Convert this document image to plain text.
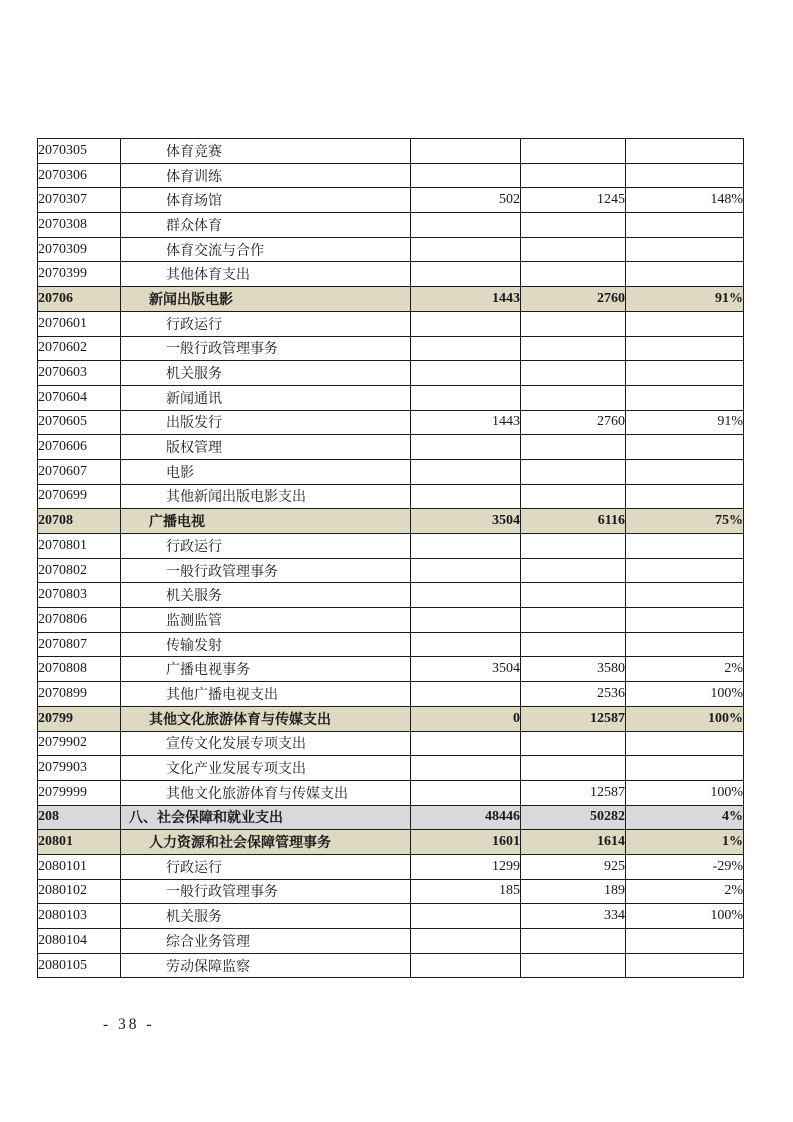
2070305	体育竞赛			
2070306	体育训练			
2070307	体育场馆	502	1245	148%
2070308	群众体育			
2070309	体育交流与合作			
2070399	其他体育支出			
20706	新闻出版电影	1443	2760	91%
2070601	行政运行			
2070602	一般行政管理事务			
2070603	机关服务			
2070604	新闻通讯			
2070605	出版发行	1443	2760	91%
2070606	版权管理			
2070607	电影			
2070699	其他新闻出版电影支出			
20708	广播电视	3504	6116	75%
2070801	行政运行			
2070802	一般行政管理事务			
2070803	机关服务			
2070806	监测监管			
2070807	传输发射			
2070808	广播电视事务	3504	3580	2%
2070899	其他广播电视支出		2536	100%
20799	其他文化旅游体育与传媒支出	0	12587	100%
2079902	宣传文化发展专项支出			
2079903	文化产业发展专项支出			
2079999	其他文化旅游体育与传媒支出		12587	100%
208	八、社会保障和就业支出	48446	50282	4%
20801	人力资源和社会保障管理事务	1601	1614	1%
2080101	行政运行	1299	925	-29%
2080102	一般行政管理事务	185	189	2%
2080103	机关服务		334	100%
2080104	综合业务管理			
2080105	劳动保障监察			
- 38 -
